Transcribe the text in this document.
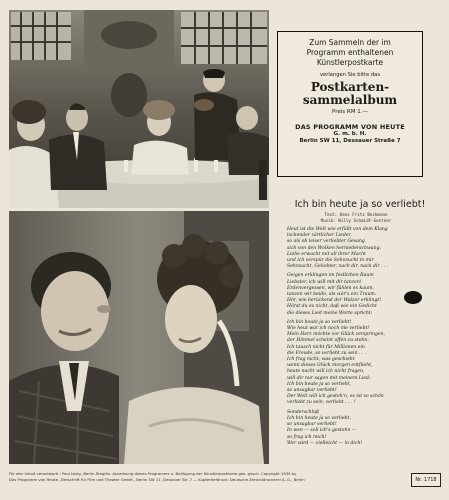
Zum Sammeln der im
Programm enthaltenen
Künstlerpostkarte
verlangen Sie bitte das
Postkarten-
sammelalbum
Preis RM 1.—
DAS PROGRAMM VON HEUTE
G. m. b. H.
Berlin SW 11, Dessauer Straße 7
Ich bin heute ja so verliebt!
Text: Hans Fritz Beckmann
Musik: Willy Schmidt-Gentner
Heut ist die Welt wie erfüllt von dem Klang
lockender zärtlicher Lieder,
so als ob leiser verliebter Gesang
sich von den Wolken herniederschwang.
Liebe erwacht mit all ihrer Macht
und ich verspür die Sehnsucht in mir
Sehnsucht, Geliebter, nach dir, nach dir . . .
Geigen erklingen im festlichen Raum
Liebster, ich will mit dir tanzen!
Erdenvergessen, wir fühlen es kaum,
tanzen wir beide, als wär's ein Traum.
Hör, wie berückend der Walzer erklingt!
Hörst du es nicht, daß wie ein Gedicht
die dieses Lied meine Worte spricht:
Ich bin heute ja so verliebt!
Wie heut war ich noch nie verliebt!
Mein Herz möchte vor Glück zerspringen,
der Himmel scheint offen zu stehn.
Ich tausch nicht für Millionen ein
die Freude, so verliebt zu sein . . .
Ich frag nicht, was geschieht
wenn dieses Glück morgen entflieht,
heute nacht will ich nicht fragen,
will dir nur sagen mit meinem Lied:
Ich bin heute ja so verliebt,
so unsagbar verliebt!
Der Welt will ich gesteh'n, es ist so schön
verliebt zu sein, verliebt . . . !
Sonderschluß
Ich bin heute ja so verliebt,
so unsagbar verliebt!
In wen — soll ich's gestehn —
so frag ich mich!
Wer wird — vielleicht — in dich!
Für den Inhalt verantwortl.: Paul Iskey, Berlin-Steglitz. Anordnung dieses Programms u. Beifügung der Künstlerpostkarte ges. gesch. Copyright 1939 by
Das Programm von Heute, Zeitschrift für Film und Theater GmbH., Berlin SW 11, Dessauer Str. 7 — Kupfertiefdruck: Deutsche Zentraldruckerei A.-G., Berlin	Nr. 1718
